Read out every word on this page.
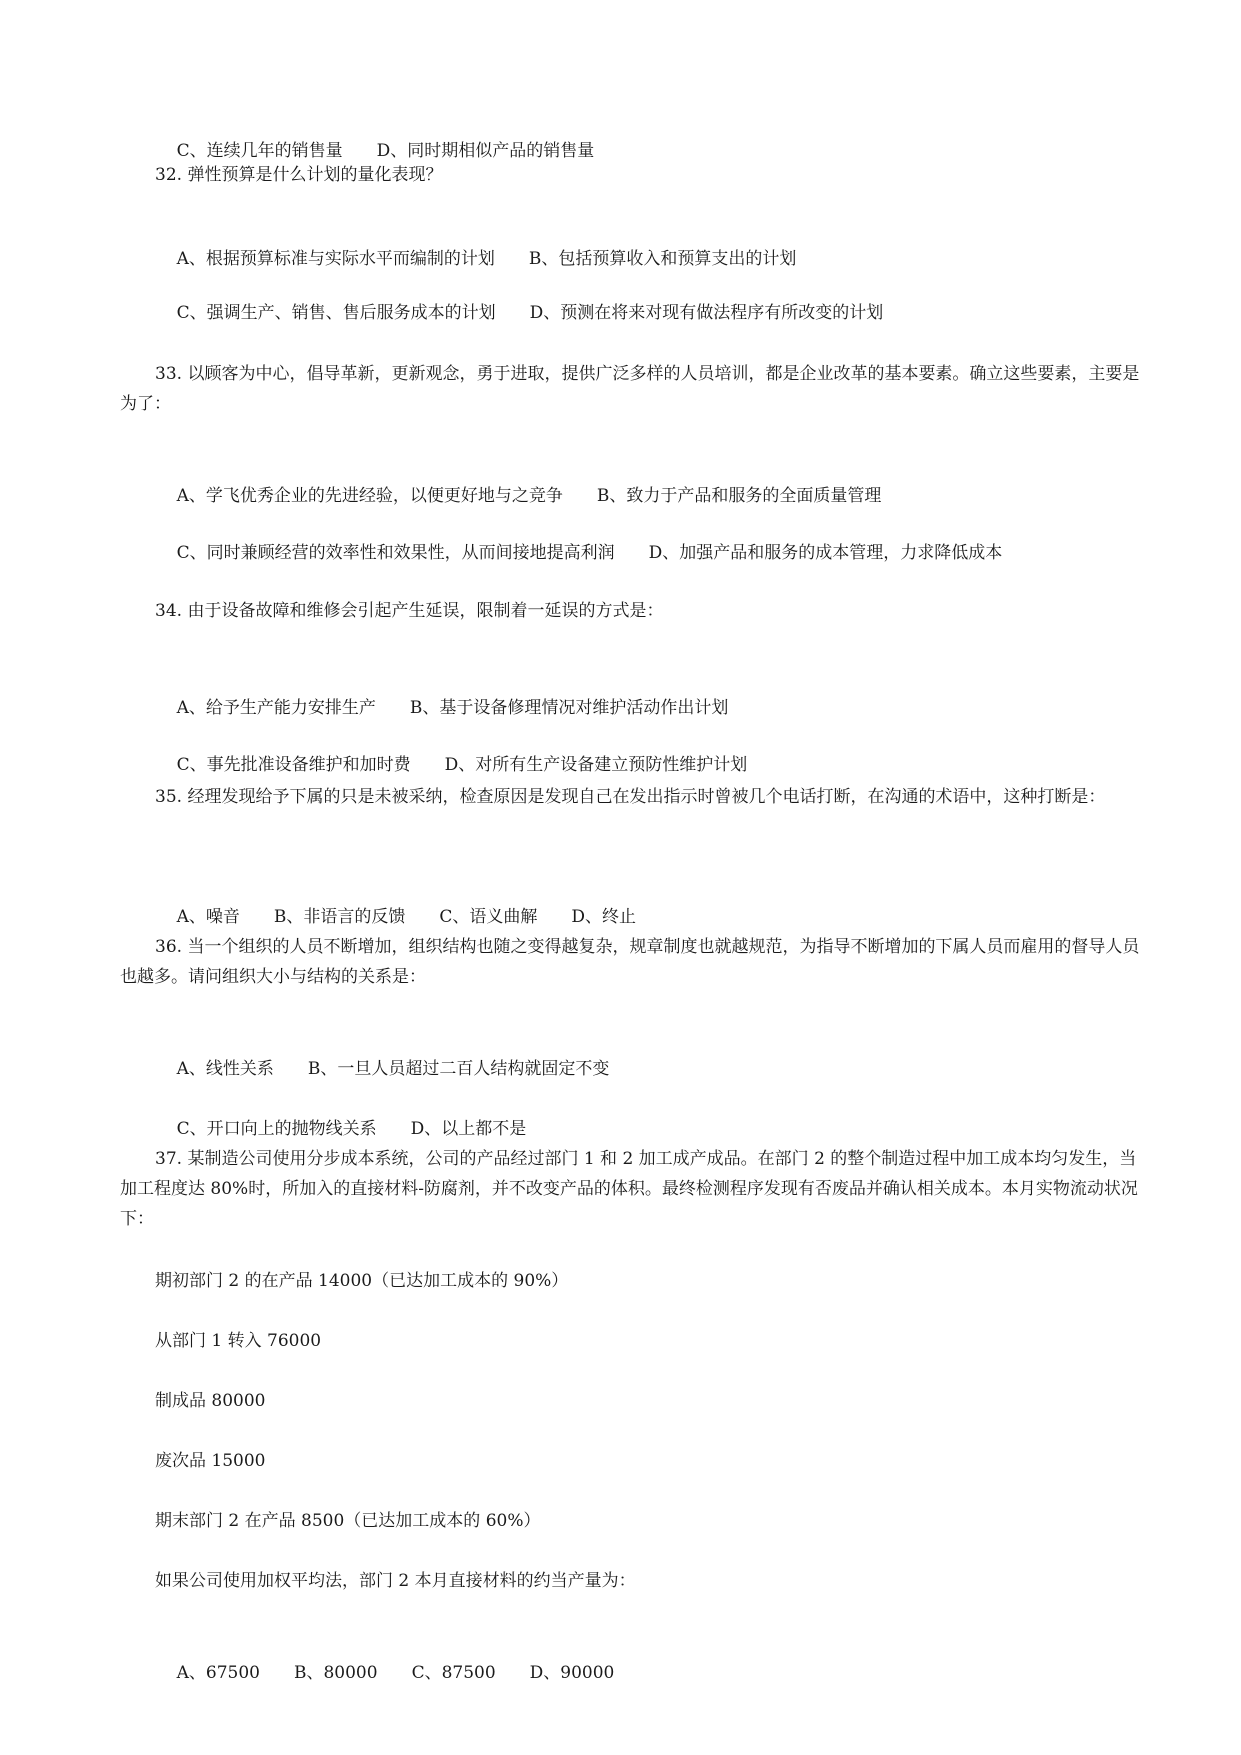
C、连续几年的销售量 D、同时期相似产品的销售量

32. 弹性预算是什么计划的量化表现？

A、根据预算标准与实际水平而编制的计划 B、包括预算收入和预算支出的计划

C、强调生产、销售、售后服务成本的计划 D、预测在将来对现有做法程序有所改变的计划

33. 以顾客为中心，倡导革新，更新观念，勇于进取，提供广泛多样的人员培训，都是企业改革的基本要素。确立这些要素，主要是为了：

A、学飞优秀企业的先进经验，以便更好地与之竞争 B、致力于产品和服务的全面质量管理

C、同时兼顾经营的效率性和效果性，从而间接地提高利润 D、加强产品和服务的成本管理，力求降低成本

34. 由于设备故障和维修会引起产生延误，限制着一延误的方式是：

A、给予生产能力安排生产 B、基于设备修理情况对维护活动作出计划

C、事先批准设备维护和加时费 D、对所有生产设备建立预防性维护计划

35. 经理发现给予下属的只是未被采纳，检查原因是发现自己在发出指示时曾被几个电话打断，在沟通的术语中，这种打断是：

A、噪音 B、非语言的反馈 C、语义曲解 D、终止

36. 当一个组织的人员不断增加，组织结构也随之变得越复杂，规章制度也就越规范，为指导不断增加的下属人员而雇用的督导人员也越多。请问组织大小与结构的关系是：

A、线性关系 B、一旦人员超过二百人结构就固定不变

C、开口向上的抛物线关系 D、以上都不是

37. 某制造公司使用分步成本系统，公司的产品经过部门 1 和 2 加工成产成品。在部门 2 的整个制造过程中加工成本均匀发生，当加工程度达 80%时，所加入的直接材料-防腐剂，并不改变产品的体积。最终检测程序发现有否废品并确认相关成本。本月实物流动状况下：

期初部门 2 的在产品 14000（已达加工成本的 90%）

从部门 1 转入 76000

制成品 80000

废次品 15000

期末部门 2 在产品 8500（已达加工成本的 60%）

如果公司使用加权平均法，部门 2 本月直接材料的约当产量为：

A、67500 B、80000 C、87500 D、90000
